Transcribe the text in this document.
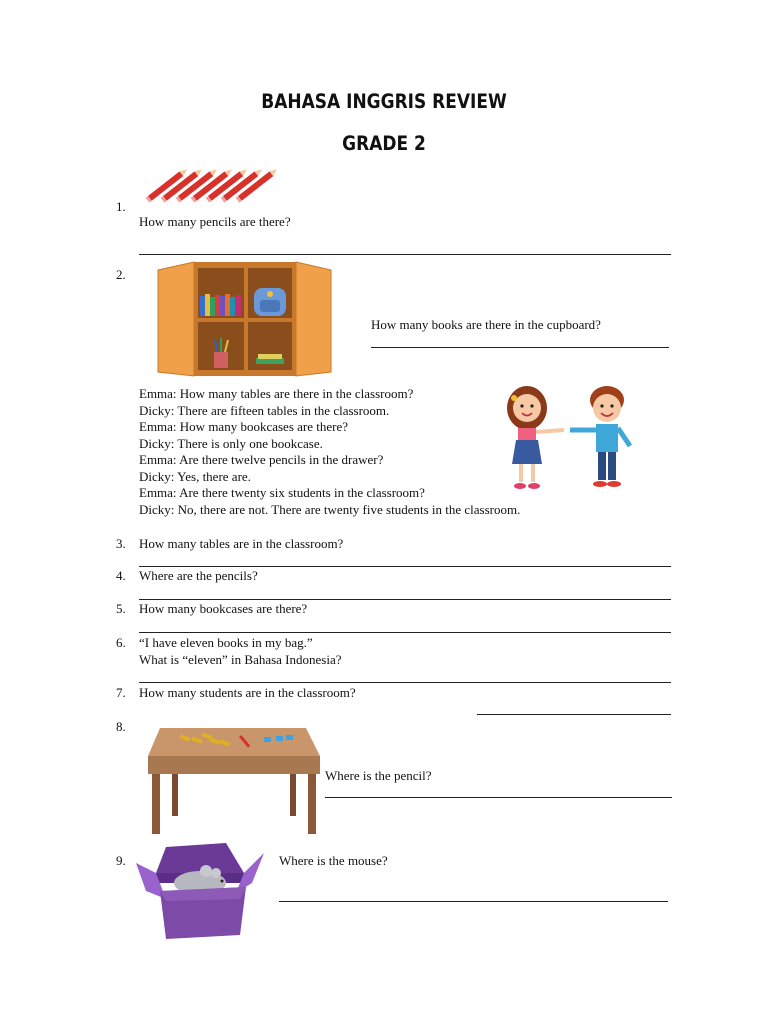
BAHASA INGGRIS REVIEW
GRADE 2
1.
How many pencils are there?
2.
How many books are there in the cupboard?
Emma: How many tables are there in the classroom?
Dicky: There are fifteen tables in the classroom.
Emma: How many bookcases are there?
Dicky: There is only one bookcase.
Emma: Are there twelve pencils in the drawer?
Dicky: Yes, there are.
Emma: Are there twenty six students in the classroom?
Dicky: No, there are not. There are twenty five students in the classroom.
3. How many tables are in the classroom?
4. Where are the pencils?
5. How many bookcases are there?
6. “I have eleven books in my bag.”
What is “eleven” in Bahasa Indonesia?
7. How many students are in the classroom?
8.
Where is the pencil?
9.	Where is the mouse?
